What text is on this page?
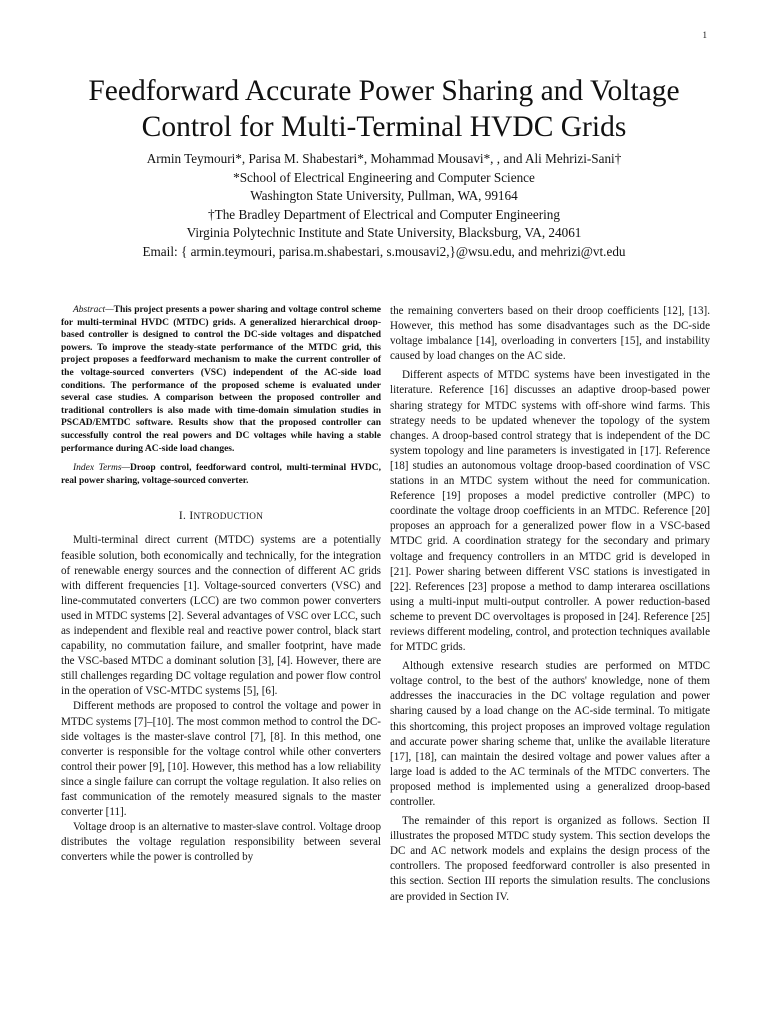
1
Feedforward Accurate Power Sharing and Voltage
Control for Multi-Terminal HVDC Grids
Armin Teymouri*, Parisa M. Shabestari*, Mohammad Mousavi*, , and Ali Mehrizi-Sani†
*School of Electrical Engineering and Computer Science
Washington State University, Pullman, WA, 99164
†The Bradley Department of Electrical and Computer Engineering
Virginia Polytechnic Institute and State University, Blacksburg, VA, 24061
Email: { armin.teymouri, parisa.m.shabestari, s.mousavi2,}@wsu.edu, and mehrizi@vt.edu

Abstract—This project presents a power sharing and voltage control scheme for multi-terminal HVDC (MTDC) grids. A generalized hierarchical droop-based controller is designed to control the DC-side voltages and dispatched powers. To improve the steady-state performance of the MTDC grid, this project proposes a feedforward mechanism to make the current controller of the voltage-sourced converters (VSC) independent of the AC-side load conditions. The performance of the proposed scheme is evaluated under several case studies. A comparison between the proposed controller and traditional controllers is also made with time-domain simulation studies in PSCAD/EMTDC software. Results show that the proposed controller can successfully control the real powers and DC voltages while having a stable performance during AC-side load changes.

Index Terms—Droop control, feedforward control, multi-terminal HVDC, real power sharing, voltage-sourced converter.

I. INTRODUCTION

Multi-terminal direct current (MTDC) systems are a potentially feasible solution, both economically and technically, for the integration of renewable energy sources and the connection of different AC grids with different frequencies [1]. Voltage-sourced converters (VSC) and line-commutated converters (LCC) are two common power converters used in MTDC systems [2]. Several advantages of VSC over LCC, such as independent and flexible real and reactive power control, black start capability, no commutation failure, and smaller footprint, have made the VSC-based MTDC a dominant solution [3], [4]. However, there are still challenges regarding DC voltage regulation and power flow control in the operation of VSC-MTDC systems [5], [6].

Different methods are proposed to control the voltage and power in MTDC systems [7]–[10]. The most common method to control the DC-side voltages is the master-slave control [7], [8]. In this method, one converter is responsible for the voltage control while other converters control their power [9], [10]. However, this method has a low reliability since a single failure can corrupt the voltage regulation. It also relies on fast communication of the remotely measured signals to the master converter [11].

Voltage droop is an alternative to master-slave control. Voltage droop distributes the voltage regulation responsibility between several converters while the power is controlled by

the remaining converters based on their droop coefficients [12], [13]. However, this method has some disadvantages such as the DC-side voltage imbalance [14], overloading in converters [15], and instability caused by load changes on the AC side.

Different aspects of MTDC systems have been investigated in the literature. Reference [16] discusses an adaptive droop-based power sharing strategy for MTDC systems with off-shore wind farms. This strategy needs to be updated whenever the topology of the system changes. A droop-based control strategy that is independent of the DC system topology and line parameters is investigated in [17]. Reference [18] studies an autonomous voltage droop-based coordination of VSC stations in an MTDC system without the need for communication. Reference [19] proposes a model predictive controller (MPC) to coordinate the voltage droop coefficients in an MTDC. Reference [20] proposes an approach for a generalized power flow in a VSC-based MTDC grid. A coordination strategy for the secondary and primary voltage and frequency controllers in an MTDC grid is developed in [21]. Power sharing between different VSC stations is investigated in [22]. References [23] propose a method to damp interarea oscillations using a multi-input multi-output controller. A power reduction-based scheme to prevent DC overvoltages is proposed in [24]. Reference [25] reviews different modeling, control, and protection techniques available for MTDC grids.

Although extensive research studies are performed on MTDC voltage control, to the best of the authors' knowledge, none of them addresses the inaccuracies in the DC voltage regulation and power sharing caused by a load change on the AC-side terminal. To mitigate this shortcoming, this project proposes an improved voltage regulation and accurate power sharing scheme that, unlike the available literature [17], [18], can maintain the desired voltage and power values after a large load is added to the AC terminals of the MTDC converters. The proposed method is implemented using a generalized droop-based controller.

The remainder of this report is organized as follows. Section II illustrates the proposed MTDC study system. This section develops the DC and AC network models and explains the design process of the controllers. The proposed feedforward controller is also presented in this section. Section III reports the simulation results. The conclusions are provided in Section IV.
